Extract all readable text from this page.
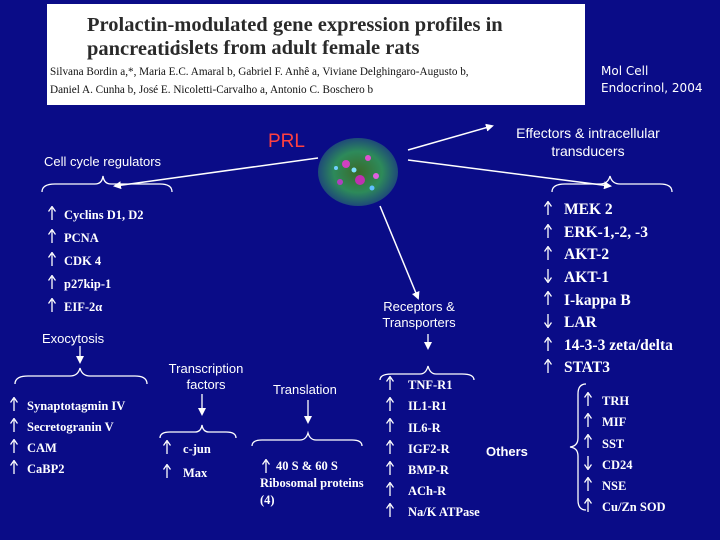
Prolactin-modulated gene expression profiles in pancreatic
islets from adult female rats
Silvana Bordin a,*, Maria E.C. Amaral b, Gabriel F. Anhê a, Viviane Delghingaro-Augusto b,
Daniel A. Cunha b, José E. Nicoletti-Carvalho a, Antonio C. Boschero b
Mol Cell
Endocrinol, 2004
PRL
Cell cycle regulators
Cyclins D1, D2
PCNA
CDK 4
p27kip-1
EIF-2α
Effectors & intracellular
transducers
MEK 2
ERK-1,-2, -3
AKT-2
AKT-1
I-kappa B
LAR
14-3-3 zeta/delta
STAT3
Receptors &
Transporters
Exocytosis
Synaptotagmin IV
Secretogranin V
CAM
CaBP2
Transcription
factors
c-jun
Max
Translation
40 S & 60 S
Ribosomal proteins
(4)
TNF-R1
IL1-R1
IL6-R
IGF2-R
BMP-R
ACh-R
Na/K ATPase
Others
TRH
MIF
SST
CD24
NSE
Cu/Zn SOD
